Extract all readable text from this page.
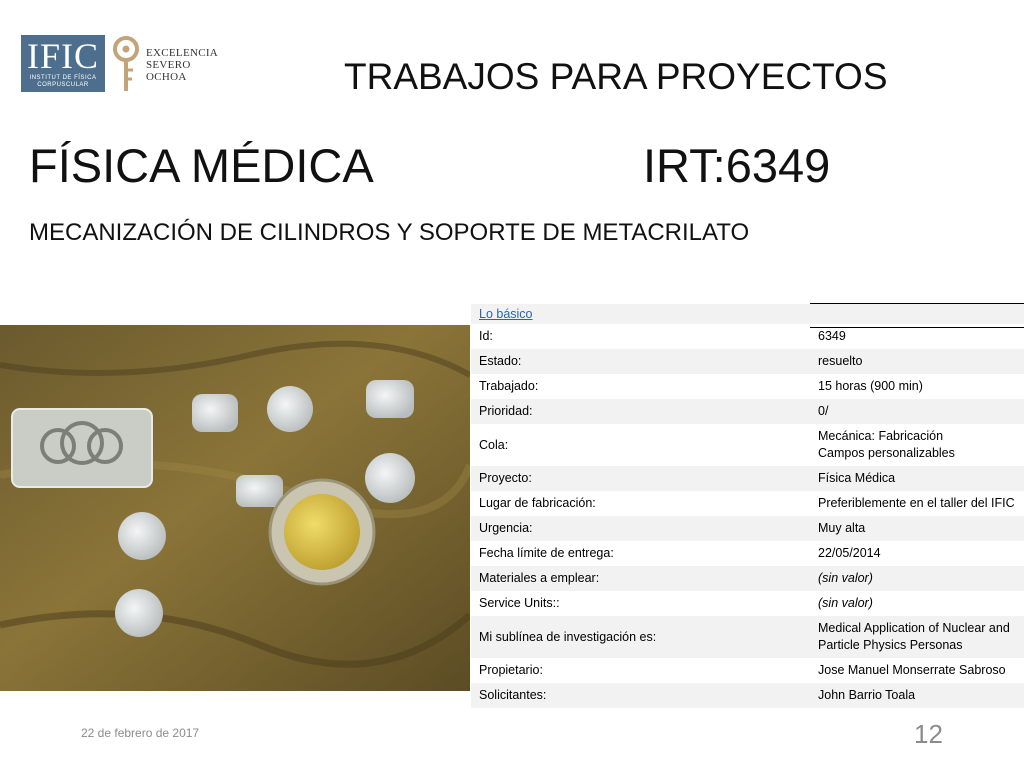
IFIC
INSTITUT DE FÍSICA
CORPUSCULAR
EXCELENCIA
SEVERO
OCHOA	TRABAJOS PARA PROYECTOS
FÍSICA MÉDICA	IRT:6349
MECANIZACIÓN DE CILINDROS Y SOPORTE DE METACRILATO
Lo básico	
Id:	6349
Estado:	resuelto
Trabajado:	15 horas (900 min)
Prioridad:	0/
Cola:	Mecánica: Fabricación
Campos personalizables

Proyecto:	Física Médica
Lugar de fabricación:	Preferiblemente en el taller del IFIC
Urgencia:	Muy alta
Fecha límite de entrega:	22/05/2014
Materiales a emplear:	(sin valor)
Service Units::	(sin valor)
Mi sublínea de investigación es:	Medical Application of Nuclear and
Particle Physics Personas

Propietario:	Jose Manuel Monserrate Sabroso
Solicitantes:	John Barrio Toala
22 de febrero de 2017	12
